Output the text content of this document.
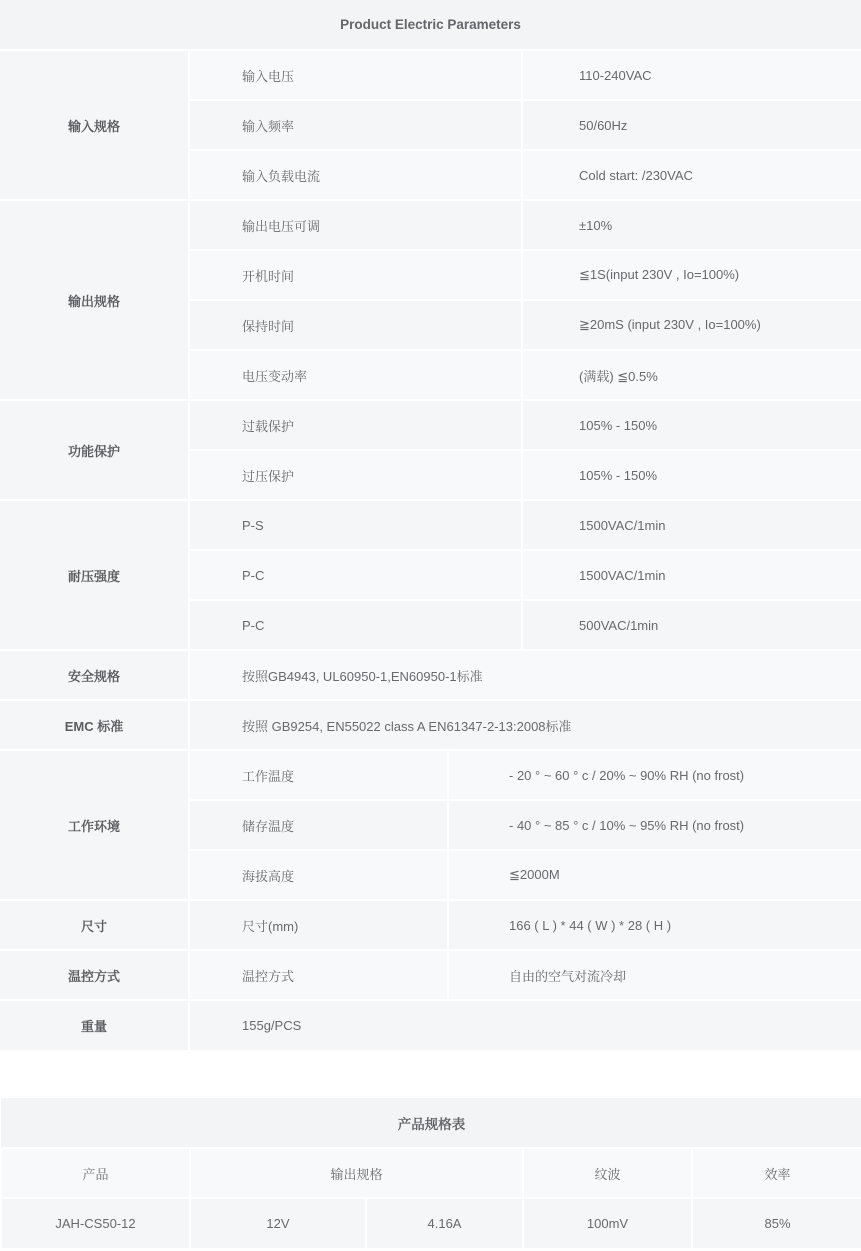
Product Electric Parameters			
输入规格	输入电压		110-240VAC
	输入频率		50/60Hz
	输入负载电流		Cold start: /230VAC
输出规格	输出电压可调		±10%
	开机时间		≦1S(input 230V , Io=100%)
	保持时间		≧20mS (input 230V , Io=100%)
	电压变动率		(满载) ≦0.5%
功能保护	过载保护		105% - 150%
	过压保护		105% - 150%
耐压强度	P-S		1500VAC/1min
	P-C		1500VAC/1min
	P-C		500VAC/1min
安全规格	按照GB4943, UL60950-1,EN60950-1标准		
EMC 标准	按照 GB9254, EN55022 class A EN61347-2-13:2008标准		
工作环境	工作温度	- 20 ° ~ 60 ° c / 20% ~ 90% RH (no frost)	
	储存温度	- 40 ° ~ 85 ° c / 10% ~ 95% RH (no frost)	
	海拔高度	≦2000M	
尺寸	尺寸(mm)	166 ( L ) * 44 ( W ) * 28 ( H )	
温控方式	温控方式	自由的空气对流冷却	
重量	155g/PCS		
产品规格表				
产品	输出规格		纹波	效率
JAH-CS50-12	12V	4.16A	100mV	85%
